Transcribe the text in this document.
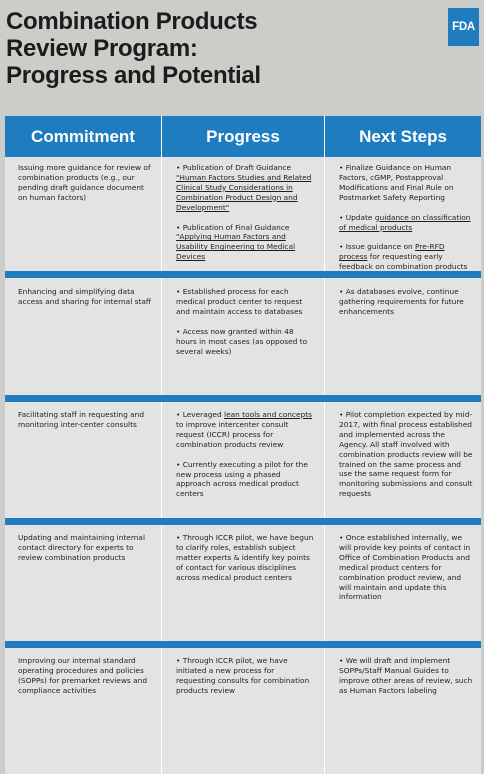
Combination Products
Review Program:
Progress and Potential
FDA
Commitment	Progress	Next Steps
Issuing more guidance for review of combination products (e.g., our pending draft guidance document on human factors)

• Publication of Draft Guidance "Human Factors Studies and Related Clinical Study Considerations in Combination Product Design and Development"

• Publication of Final Guidance "Applying Human Factors and Usability Engineering to Medical Devices

• Finalize Guidance on Human Factors, cGMP, Postapproval Modifications and Final Rule on Postmarket Safety Reporting

• Update guidance on classification of medical products

• Issue guidance on Pre-RFD process for requesting early feedback on combination products

Enhancing and simplifying data access and sharing for internal staff

• Established process for each medical product center to request and maintain access to databases

• Access now granted within 48 hours in most cases (as opposed to several weeks)

• As databases evolve, continue gathering requirements for future enhancements

Facilitating staff in requesting and monitoring inter-center consults

• Leveraged lean tools and concepts to improve intercenter consult request (ICCR) process for combination products review

• Currently executing a pilot for the new process using a phased approach across medical product centers

• Pilot completion expected by mid-2017, with final process established and implemented across the Agency. All staff involved with combination products review will be trained on the same process and use the same request form for monitoring submissions and consult requests

Updating and maintaining internal contact directory for experts to review combination products

• Through ICCR pilot, we have begun to clarify roles, establish subject matter experts & identify key points of contact for various disciplines across medical product centers

• Once established internally, we will provide key points of contact in Office of Combination Products and medical product centers for combination product review, and will maintain and update this information

Improving our internal standard operating procedures and policies (SOPPs) for premarket reviews and compliance activities

• Through ICCR pilot, we have initiated a new process for requesting consults for combination products review

• We will draft and implement SOPPs/Staff Manual Guides to improve other areas of review, such as Human Factors labeling
